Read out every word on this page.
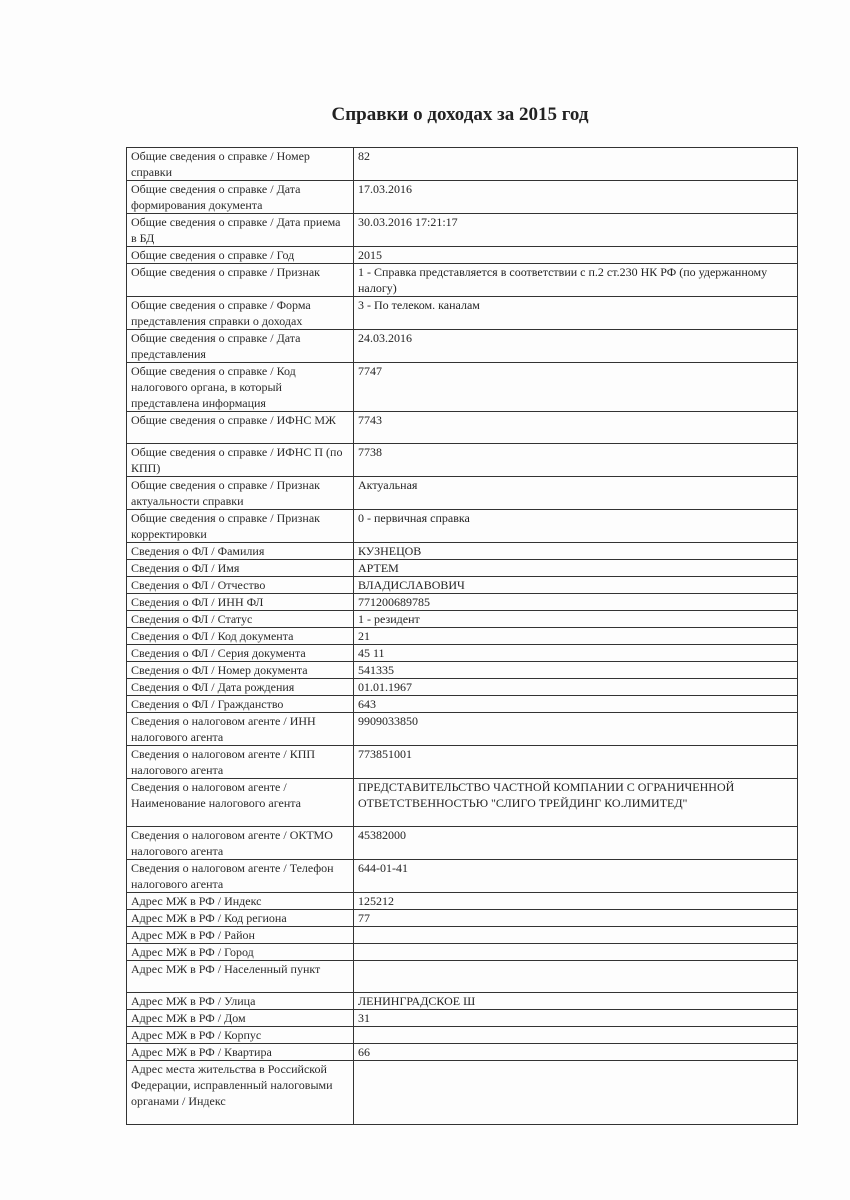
Справки о доходах за 2015 год
Общие сведения о справке / Номер справки	82
Общие сведения о справке / Дата формирования документа	17.03.2016
Общие сведения о справке / Дата приема в БД	30.03.2016 17:21:17
Общие сведения о справке / Год	2015
Общие сведения о справке / Признак	1 - Справка представляется в соответствии с п.2 ст.230 НК РФ (по удержанному налогу)
Общие сведения о справке / Форма представления справки о доходах	3 - По телеком. каналам
Общие сведения о справке / Дата представления	24.03.2016
Общие сведения о справке / Код налогового органа, в который представлена информация	7747
Общие сведения о справке / ИФНС МЖ	7743
Общие сведения о справке / ИФНС П (по КПП)	7738
Общие сведения о справке / Признак актуальности справки	Актуальная
Общие сведения о справке / Признак корректировки	0 - первичная справка
Сведения о ФЛ / Фамилия	КУЗНЕЦОВ
Сведения о ФЛ / Имя	АРТЕМ
Сведения о ФЛ / Отчество	ВЛАДИСЛАВОВИЧ
Сведения о ФЛ / ИНН ФЛ	771200689785
Сведения о ФЛ / Статус	1 - резидент
Сведения о ФЛ / Код документа	21
Сведения о ФЛ / Серия документа	45 11
Сведения о ФЛ / Номер документа	541335
Сведения о ФЛ / Дата рождения	01.01.1967
Сведения о ФЛ / Гражданство	643
Сведения о налоговом агенте / ИНН налогового агента	9909033850
Сведения о налоговом агенте / КПП налогового агента	773851001
Сведения о налоговом агенте / Наименование налогового агента	ПРЕДСТАВИТЕЛЬСТВО ЧАСТНОЙ КОМПАНИИ С ОГРАНИЧЕННОЙ ОТВЕТСТВЕННОСТЬЮ "СЛИГО ТРЕЙДИНГ КО.ЛИМИТЕД"
Сведения о налоговом агенте / ОКТМО налогового агента	45382000
Сведения о налоговом агенте / Телефон налогового агента	644-01-41
Адрес МЖ в РФ / Индекс	125212
Адрес МЖ в РФ / Код региона	77
Адрес МЖ в РФ / Район	
Адрес МЖ в РФ / Город	
Адрес МЖ в РФ / Населенный пункт	
Адрес МЖ в РФ / Улица	ЛЕНИНГРАДСКОЕ Ш
Адрес МЖ в РФ / Дом	31
Адрес МЖ в РФ / Корпус	
Адрес МЖ в РФ / Квартира	66
Адрес места жительства в Российской Федерации, исправленный налоговыми органами / Индекс	
